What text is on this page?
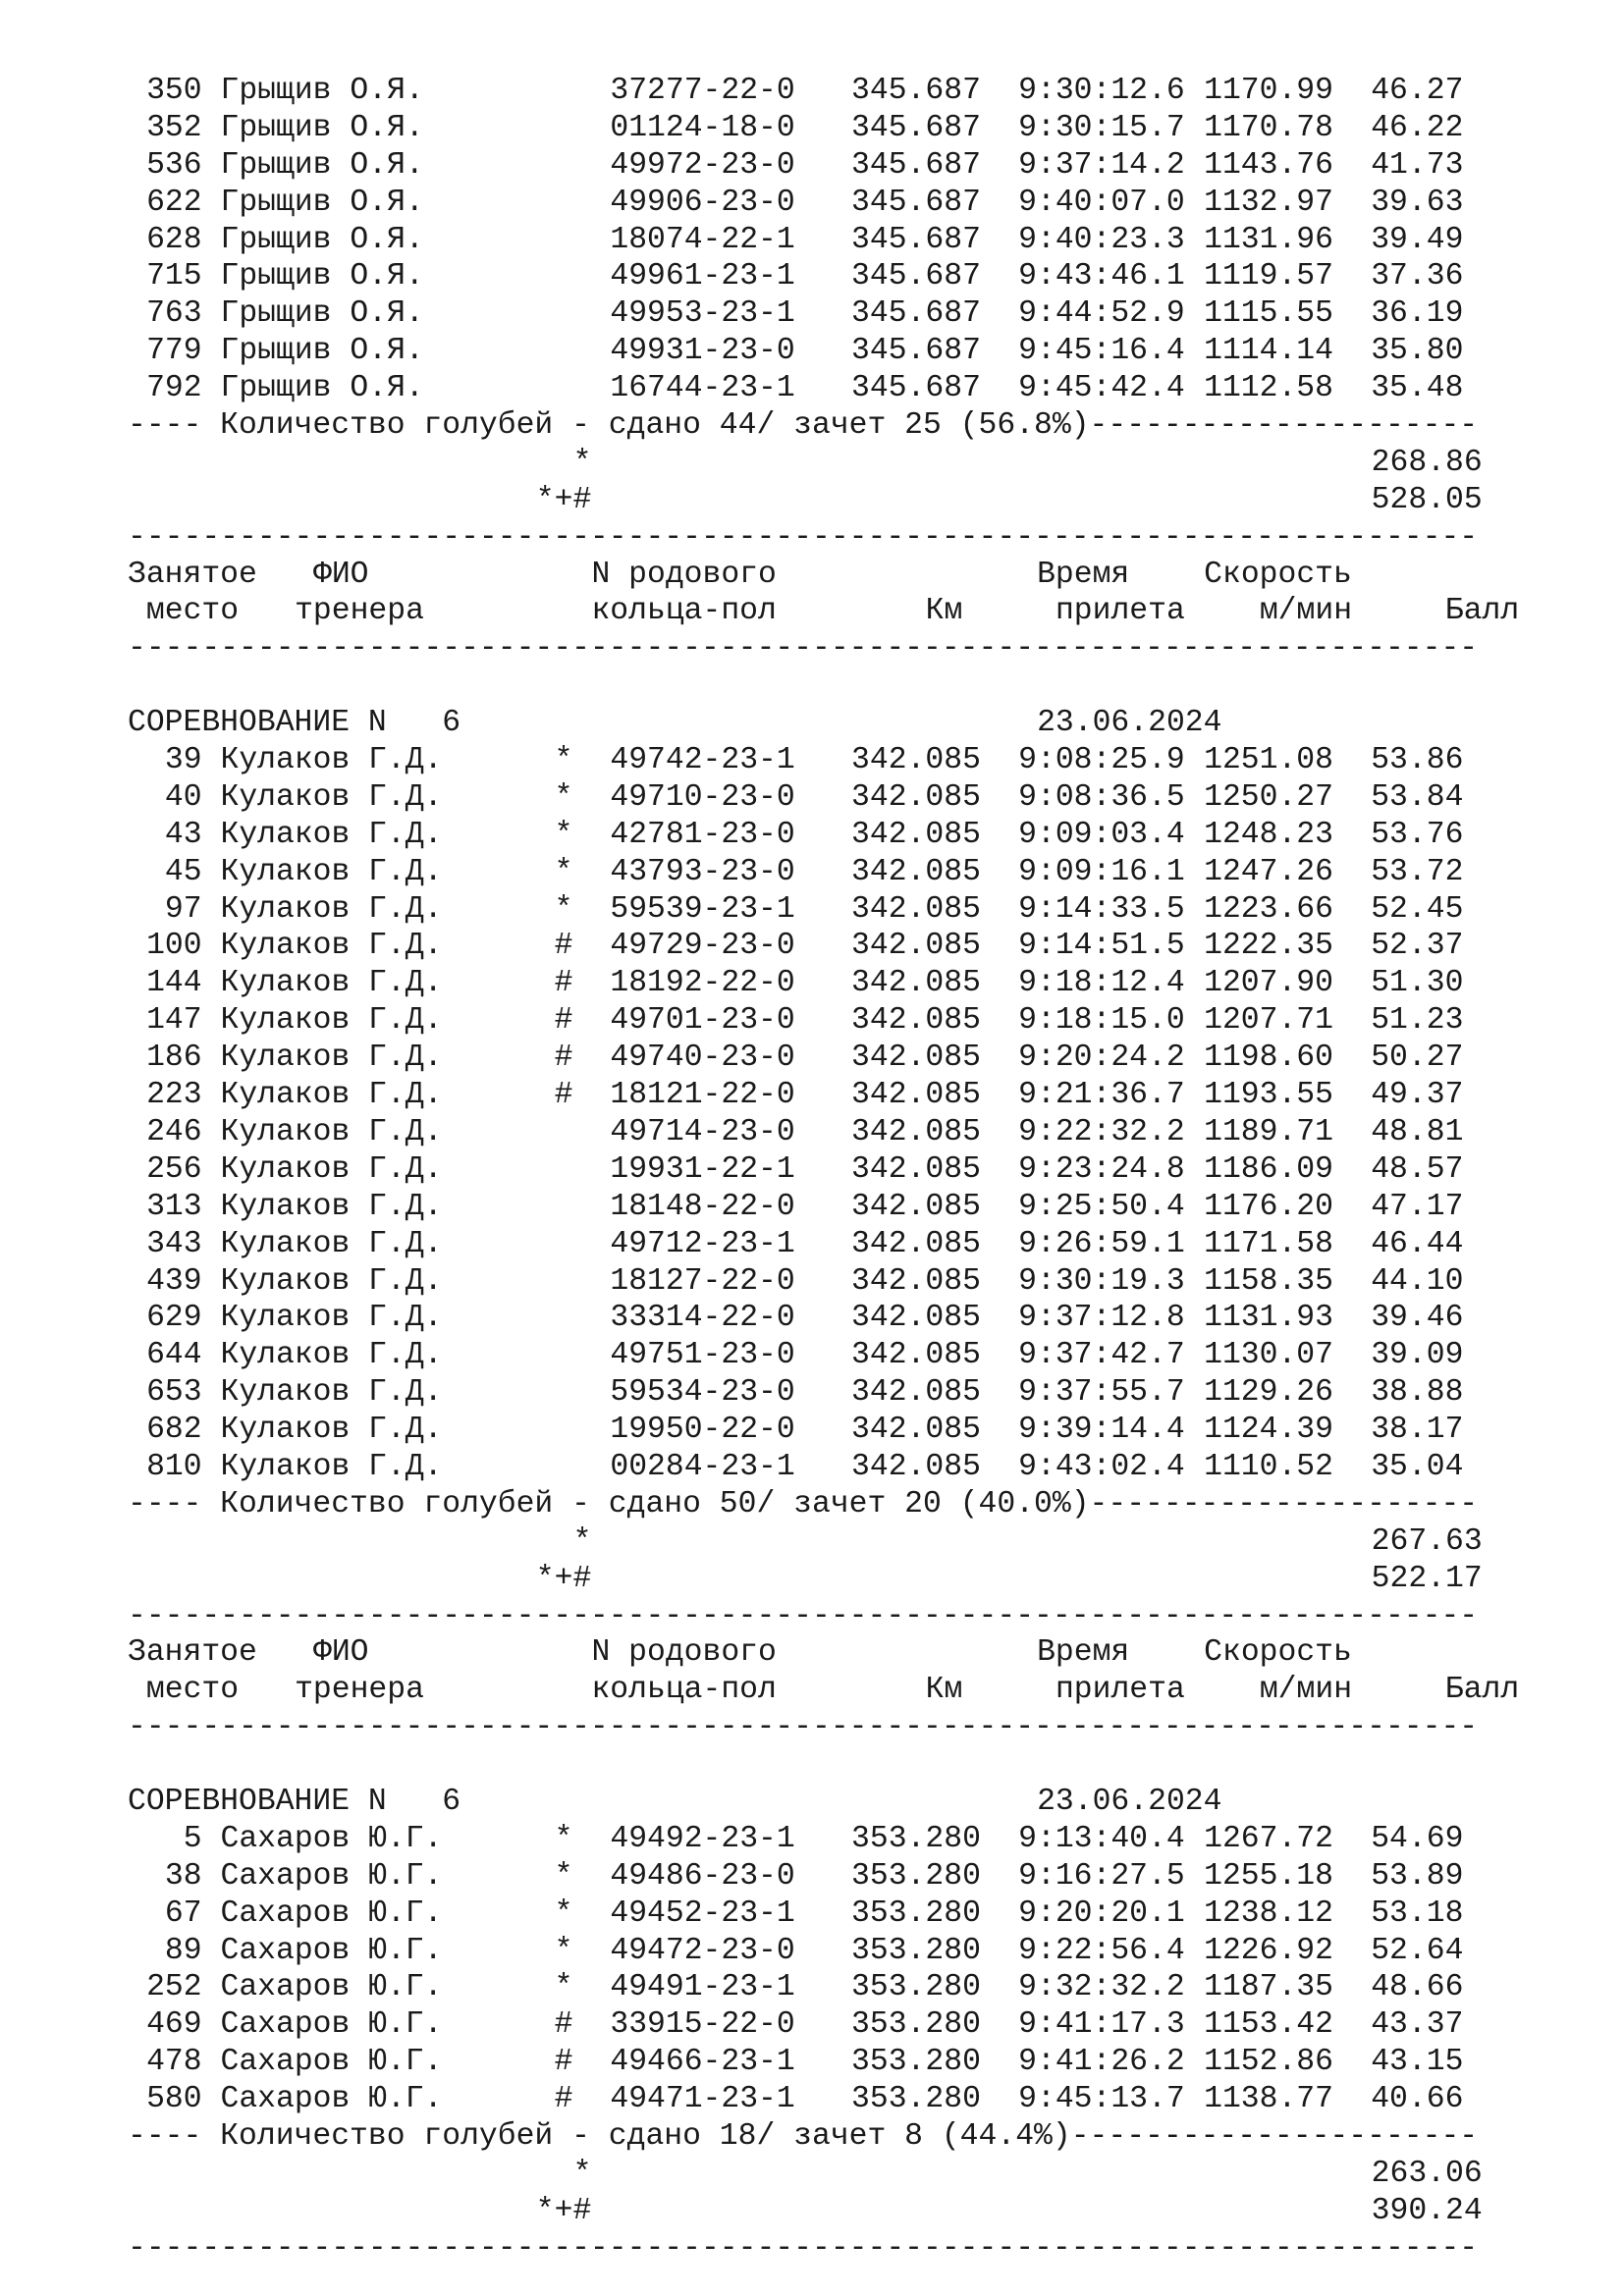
350 Грыщив О.Я.	37277-22-0 345.687 9:30:12.6 1170.99 46.27
352 Грыщив О.Я.	01124-18-0 345.687 9:30:15.7 1170.78 46.22
536 Грыщив О.Я.	49972-23-0 345.687 9:37:14.2 1143.76 41.73
622 Грыщив О.Я.	49906-23-0 345.687 9:40:07.0 1132.97 39.63
628 Грыщив О.Я.	18074-22-1 345.687 9:40:23.3 1131.96 39.49
715 Грыщив О.Я.	49961-23-1 345.687 9:43:46.1 1119.57 37.36
763 Грыщив О.Я.	49953-23-1 345.687 9:44:52.9 1115.55 36.19
779 Грыщив О.Я.	49931-23-0 345.687 9:45:16.4 1114.14 35.80
792 Грыщив О.Я.	16744-23-1 345.687 9:45:42.4 1112.58 35.48
---- Количество голубей - сдано 44/ зачет 25 (56.8%)---------------------
*	268.86
*+#	528.05
-------------------------------------------------------------------------
Занятое ФИО	N родового	Время Скорость
место тренера	кольца-пол	Км	прилета м/мин	Балл
-------------------------------------------------------------------------
СОРЕВНОВАНИЕ N   6	23.06.2024
39 Кулаков Г.Д.	* 49742-23-1 342.085 9:08:25.9 1251.08 53.86
40 Кулаков Г.Д.	* 49710-23-0 342.085 9:08:36.5 1250.27 53.84
43 Кулаков Г.Д.	* 42781-23-0 342.085 9:09:03.4 1248.23 53.76
45 Кулаков Г.Д.	* 43793-23-0 342.085 9:09:16.1 1247.26 53.72
97 Кулаков Г.Д.	* 59539-23-1 342.085 9:14:33.5 1223.66 52.45
100 Кулаков Г.Д.	# 49729-23-0 342.085 9:14:51.5 1222.35 52.37
144 Кулаков Г.Д.	# 18192-22-0 342.085 9:18:12.4 1207.90 51.30
147 Кулаков Г.Д.	# 49701-23-0 342.085 9:18:15.0 1207.71 51.23
186 Кулаков Г.Д.	# 49740-23-0 342.085 9:20:24.2 1198.60 50.27
223 Кулаков Г.Д.	# 18121-22-0 342.085 9:21:36.7 1193.55 49.37
246 Кулаков Г.Д.	49714-23-0 342.085 9:22:32.2 1189.71 48.81
256 Кулаков Г.Д.	19931-22-1 342.085 9:23:24.8 1186.09 48.57
313 Кулаков Г.Д.	18148-22-0 342.085 9:25:50.4 1176.20 47.17
343 Кулаков Г.Д.	49712-23-1 342.085 9:26:59.1 1171.58 46.44
439 Кулаков Г.Д.	18127-22-0 342.085 9:30:19.3 1158.35 44.10
629 Кулаков Г.Д.	33314-22-0 342.085 9:37:12.8 1131.93 39.46
644 Кулаков Г.Д.	49751-23-0 342.085 9:37:42.7 1130.07 39.09
653 Кулаков Г.Д.	59534-23-0 342.085 9:37:55.7 1129.26 38.88
682 Кулаков Г.Д.	19950-22-0 342.085 9:39:14.4 1124.39 38.17
810 Кулаков Г.Д.	00284-23-1 342.085 9:43:02.4 1110.52 35.04
---- Количество голубей - сдано 50/ зачет 20 (40.0%)---------------------
*	267.63
*+#	522.17
-------------------------------------------------------------------------
Занятое ФИО	N родового	Время Скорость
место тренера	кольца-пол	Км	прилета м/мин	Балл
-------------------------------------------------------------------------
СОРЕВНОВАНИЕ N   6	23.06.2024
5 Сахаров Ю.Г.	* 49492-23-1 353.280 9:13:40.4 1267.72 54.69
38 Сахаров Ю.Г.	* 49486-23-0 353.280 9:16:27.5 1255.18 53.89
67 Сахаров Ю.Г.	* 49452-23-1 353.280 9:20:20.1 1238.12 53.18
89 Сахаров Ю.Г.	* 49472-23-0 353.280 9:22:56.4 1226.92 52.64
252 Сахаров Ю.Г.	* 49491-23-1 353.280 9:32:32.2 1187.35 48.66
469 Сахаров Ю.Г.	# 33915-22-0 353.280 9:41:17.3 1153.42 43.37
478 Сахаров Ю.Г.	# 49466-23-1 353.280 9:41:26.2 1152.86 43.15
580 Сахаров Ю.Г.	# 49471-23-1 353.280 9:45:13.7 1138.77 40.66
---- Количество голубей - сдано 18/ зачет 8 (44.4%)----------------------
*	263.06
*+#	390.24
-------------------------------------------------------------------------
